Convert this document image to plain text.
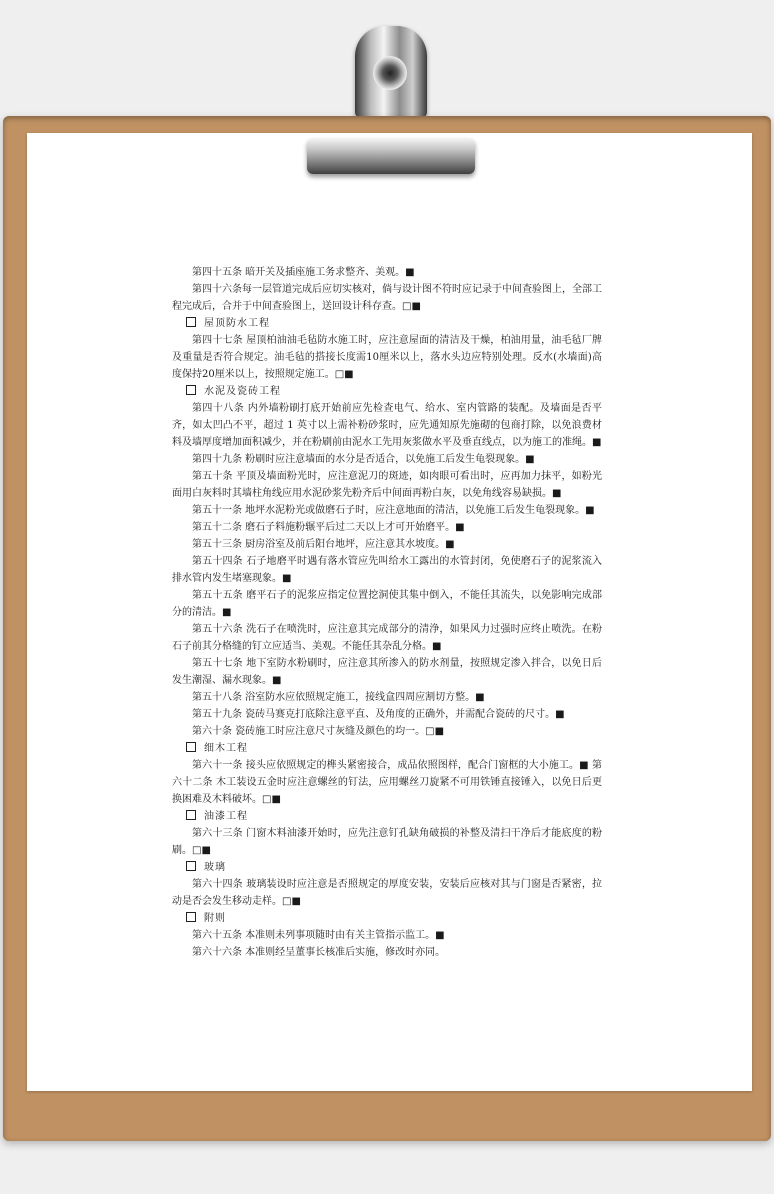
第四十五条 暗开关及插座施工务求整齐、美观。■

第四十六条每一层管道完成后应切实核对，倘与设计图不符时应记录于中间查验图上，全部工程完成后，合并于中间查验图上，送回设计科存查。□■

屋顶防水工程

第四十七条 屋顶柏油油毛毡防水施工时，应注意屋面的清洁及干燥，柏油用量，油毛毡厂牌及重量是否符合规定。油毛毡的搭接长度需10厘米以上，落水头边应特别处理。反水(水墙面)高度保持20厘米以上，按照规定施工。□■

水泥及瓷砖工程

第四十八条 内外墙粉刷打底开始前应先检查电气、给水、室内管路的装配。及墙面是否平齐，如太凹凸不平，超过 1 英寸以上需补粉砂浆时，应先通知原先施砌的包商打除，以免浪费材料及墙厚度增加面积减少，并在粉刷前由泥水工先用灰浆做水平及垂直线点，以为施工的准绳。■

第四十九条 粉刷时应注意墙面的水分是否适合，以免施工后发生龟裂现象。■

第五十条 平顶及墙面粉光时，应注意泥刀的斑迹，如肉眼可看出时，应再加力抹平，如粉光面用白灰料时其墙柱角线应用水泥砂浆先粉齐后中间面再粉白灰，以免角线容易缺损。■

第五十一条 地坪水泥粉光或做磨石子时，应注意地面的清洁，以免施工后发生龟裂现象。■

第五十二条 磨石子料施粉辗平后过二天以上才可开始磨平。■

第五十三条 厨房浴室及前后阳台地坪，应注意其水坡度。■

第五十四条 石子地磨平时遇有落水管应先叫给水工露出的水管封闭，免使磨石子的泥浆流入排水管内发生堵塞现象。■

第五十五条 磨平石子的泥浆应指定位置挖洞使其集中倒入，不能任其流失，以免影响完成部分的清洁。■

第五十六条 洗石子在喷洗时，应注意其完成部分的清浄，如果风力过强时应终止喷洗。在粉石子前其分格缝的钉立应适当、美观。不能任其杂乱分格。■

第五十七条 地下室防水粉刷时，应注意其所渗入的防水剂量，按照规定渗入拌合，以免日后发生潮湿、漏水现象。■

第五十八条 浴室防水应依照规定施工，接线盒四周应割切方整。■

第五十九条 瓷砖马赛克打底除注意平直、及角度的正确外，并需配合瓷砖的尺寸。■

第六十条 瓷砖施工时应注意尺寸灰缝及颜色的均一。□■

细木工程

第六十一条 接头应依照规定的榫头紧密接合，成品依照图样，配合门窗框的大小施工。■ 第六十二条 木工装设五金时应注意螺丝的钉法，应用螺丝刀旋紧不可用铁锤直接锤入，以免日后更换困难及木料破坏。□■

油漆工程

第六十三条 门窗木料油漆开始时，应先注意钉孔缺角破损的补整及清扫干净后才能底度的粉刷。□■

玻璃

第六十四条 玻璃装设时应注意是否照规定的厚度安装，安装后应核对其与门窗是否紧密，拉动是否会发生移动走样。□■

附则

第六十五条 本准则未列事项随时由有关主管指示监工。■

第六十六条 本准则经呈董事长核准后实施，修改时亦同。
